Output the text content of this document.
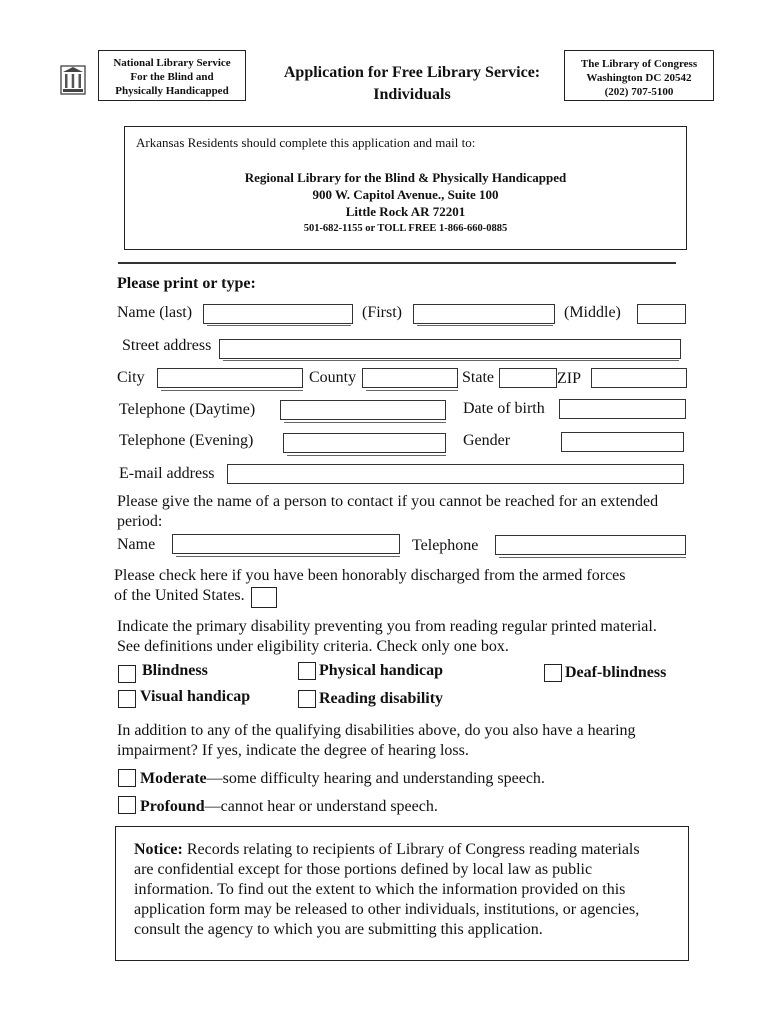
National Library Service
For the Blind and
Physically Handicapped
Application for Free Library Service:
Individuals
The Library of Congress
Washington DC 20542
(202) 707-5100
Arkansas Residents should complete this application and mail to:
Regional Library for the Blind & Physically Handicapped
900 W. Capitol Avenue., Suite 100
Little Rock AR 72201
501-682-1155 or TOLL FREE 1-866-660-0885
Please print or type:
Name (last)	(First)	(Middle)
Street address
City	County	State	ZIP
Telephone (Daytime)	Date of birth
Telephone (Evening)	Gender
E-mail address
Please give the name of a person to contact if you cannot be reached for an extended
period:
Name	Telephone
Please check here if you have been honorably discharged from the armed forces
of the United States.
Indicate the primary disability preventing you from reading regular printed material.
See definitions under eligibility criteria. Check only one box.
Blindness	Physical handicap	Deaf-blindness
Visual handicap	Reading disability
In addition to any of the qualifying disabilities above, do you also have a hearing
impairment? If yes, indicate the degree of hearing loss.
Moderate—some difficulty hearing and understanding speech.
Profound—cannot hear or understand speech.
Notice: Records relating to recipients of Library of Congress reading materials
are confidential except for those portions defined by local law as public
information. To find out the extent to which the information provided on this
application form may be released to other individuals, institutions, or agencies,
consult the agency to which you are submitting this application.
